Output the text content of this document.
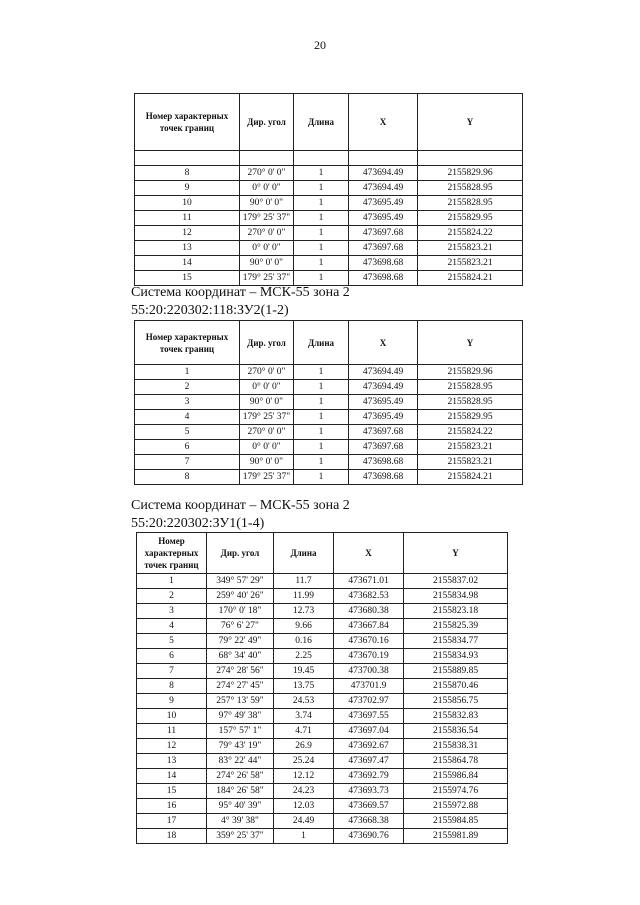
20
Номер характерных точек границ	Дир. угол	Длина	X	Y

8	270° 0' 0"	1	473694.49	2155829.96
9	0° 0' 0"	1	473694.49	2155828.95
10	90° 0' 0"	1	473695.49	2155828.95
11	179° 25' 37"	1	473695.49	2155829.95
12	270° 0' 0"	1	473697.68	2155824.22
13	0° 0' 0"	1	473697.68	2155823.21
14	90° 0' 0"	1	473698.68	2155823.21
15	179° 25' 37"	1	473698.68	2155824.21
Система координат – МСК-55 зона 2
55:20:220302:118:ЗУ2(1-2)
Номер характерных точек границ	Дир. угол	Длина	X	Y
1	270° 0' 0"	1	473694.49	2155829.96
2	0° 0' 0"	1	473694.49	2155828.95
3	90° 0' 0"	1	473695.49	2155828.95
4	179° 25' 37"	1	473695.49	2155829.95
5	270° 0' 0"	1	473697.68	2155824.22
6	0° 0' 0"	1	473697.68	2155823.21
7	90° 0' 0"	1	473698.68	2155823.21
8	179° 25' 37"	1	473698.68	2155824.21
Система координат – МСК-55 зона 2
55:20:220302:ЗУ1(1-4)
Номер характерных точек границ	Дир. угол	Длина	X	Y
1	349° 57' 29"	11.7	473671.01	2155837.02
2	259° 40' 26"	11.99	473682.53	2155834.98
3	170° 0' 18"	12.73	473680.38	2155823.18
4	76° 6' 27"	9.66	473667.84	2155825.39
5	79° 22' 49"	0.16	473670.16	2155834.77
6	68° 34' 40"	2.25	473670.19	2155834.93
7	274° 28' 56"	19.45	473700.38	2155889.85
8	274° 27' 45"	13.75	473701.9	2155870.46
9	257° 13' 59"	24.53	473702.97	2155856.75
10	97° 49' 38"	3.74	473697.55	2155832.83
11	157° 57' 1"	4.71	473697.04	2155836.54
12	79° 43' 19"	26.9	473692.67	2155838.31
13	83° 22' 44"	25.24	473697.47	2155864.78
14	274° 26' 58"	12.12	473692.79	2155986.84
15	184° 26' 58"	24.23	473693.73	2155974.76
16	95° 40' 39"	12.03	473669.57	2155972.88
17	4° 39' 38"	24.49	473668.38	2155984.85
18	359° 25' 37"	1	473690.76	2155981.89
